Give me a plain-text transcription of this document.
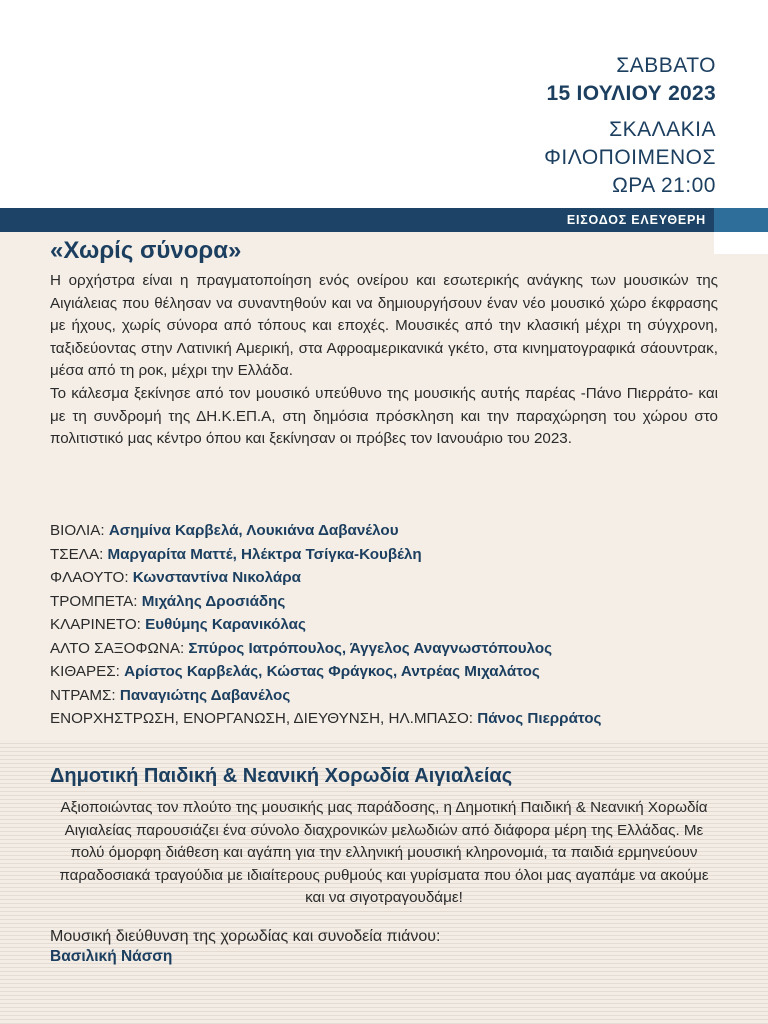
ΣΑΒΒΑΤΟ
15 ΙΟΥΛΙΟΥ 2023
ΣΚΑΛΑΚΙΑ
ΦΙΛΟΠΟΙΜΕΝΟΣ
ΩΡΑ 21:00
ΕΙΣΟΔΟΣ ΕΛΕΥΘΕΡΗ
«Χωρίς σύνορα»

Η ορχήστρα είναι η πραγματοποίηση ενός ονείρου και εσωτερικής ανάγκης των μουσικών της Αιγιάλειας που θέλησαν να συναντηθούν και να δημιουργήσουν έναν νέο μουσικό χώρο έκφρασης με ήχους, χωρίς σύνορα από τόπους και εποχές. Μουσικές από την κλασική μέχρι τη σύγχρονη, ταξιδεύοντας στην Λατινική Αμερική, στα Αφροαμερικανικά γκέτο, στα κινηματογραφικά σάουντρακ, μέσα από τη ροκ, μέχρι την Ελλάδα.

Το κάλεσμα ξεκίνησε από τον μουσικό υπεύθυνο της μουσικής αυτής παρέας -Πάνο Πιερράτο- και με τη συνδρομή της ΔΗ.Κ.ΕΠ.Α, στη δημόσια πρόσκληση και την παραχώρηση του χώρου στο πολιτιστικό μας κέντρο όπου και ξεκίνησαν οι πρόβες τον Ιανουάριο του 2023.

ΒΙΟΛΙΑ: Ασημίνα Καρβελά, Λουκιάνα Δαβανέλου
ΤΣΕΛΑ: Μαργαρίτα Ματτέ, Ηλέκτρα Τσίγκα-Κουβέλη
ΦΛΑΟΥΤΟ: Κωνσταντίνα Νικολάρα
ΤΡΟΜΠΕΤΑ: Μιχάλης Δροσιάδης
ΚΛΑΡΙΝΕΤΟ: Ευθύμης Καρανικόλας
ΑΛΤΟ ΣΑΞΟΦΩΝΑ: Σπύρος Ιατρόπουλος, Άγγελος Αναγνωστόπουλος
ΚΙΘΑΡΕΣ: Αρίστος Καρβελάς, Κώστας Φράγκος, Αντρέας Μιχαλάτος
ΝΤΡΑΜΣ: Παναγιώτης Δαβανέλος
ΕΝΟΡΧΗΣΤΡΩΣΗ, ΕΝΟΡΓΑΝΩΣΗ, ΔΙΕΥΘΥΝΣΗ, ΗΛ.ΜΠΑΣΟ: Πάνος Πιερράτος
Δημοτική Παιδική & Νεανική Χορωδία Αιγιαλείας

Αξιοποιώντας τον πλούτο της μουσικής μας παράδοσης, η Δημοτική Παιδική & Νεανική Χορωδία Αιγιαλείας παρουσιάζει ένα σύνολο διαχρονικών μελωδιών από διάφορα μέρη της Ελλάδας. Με πολύ όμορφη διάθεση και αγάπη για την ελληνική μουσική κληρονομιά, τα παιδιά ερμηνεύουν παραδοσιακά τραγούδια με ιδιαίτερους ρυθμούς και γυρίσματα που όλοι μας αγαπάμε να ακούμε και να σιγοτραγουδάμε!

Μουσική διεύθυνση της χορωδίας και συνοδεία πιάνου:
Βασιλική Νάσση
